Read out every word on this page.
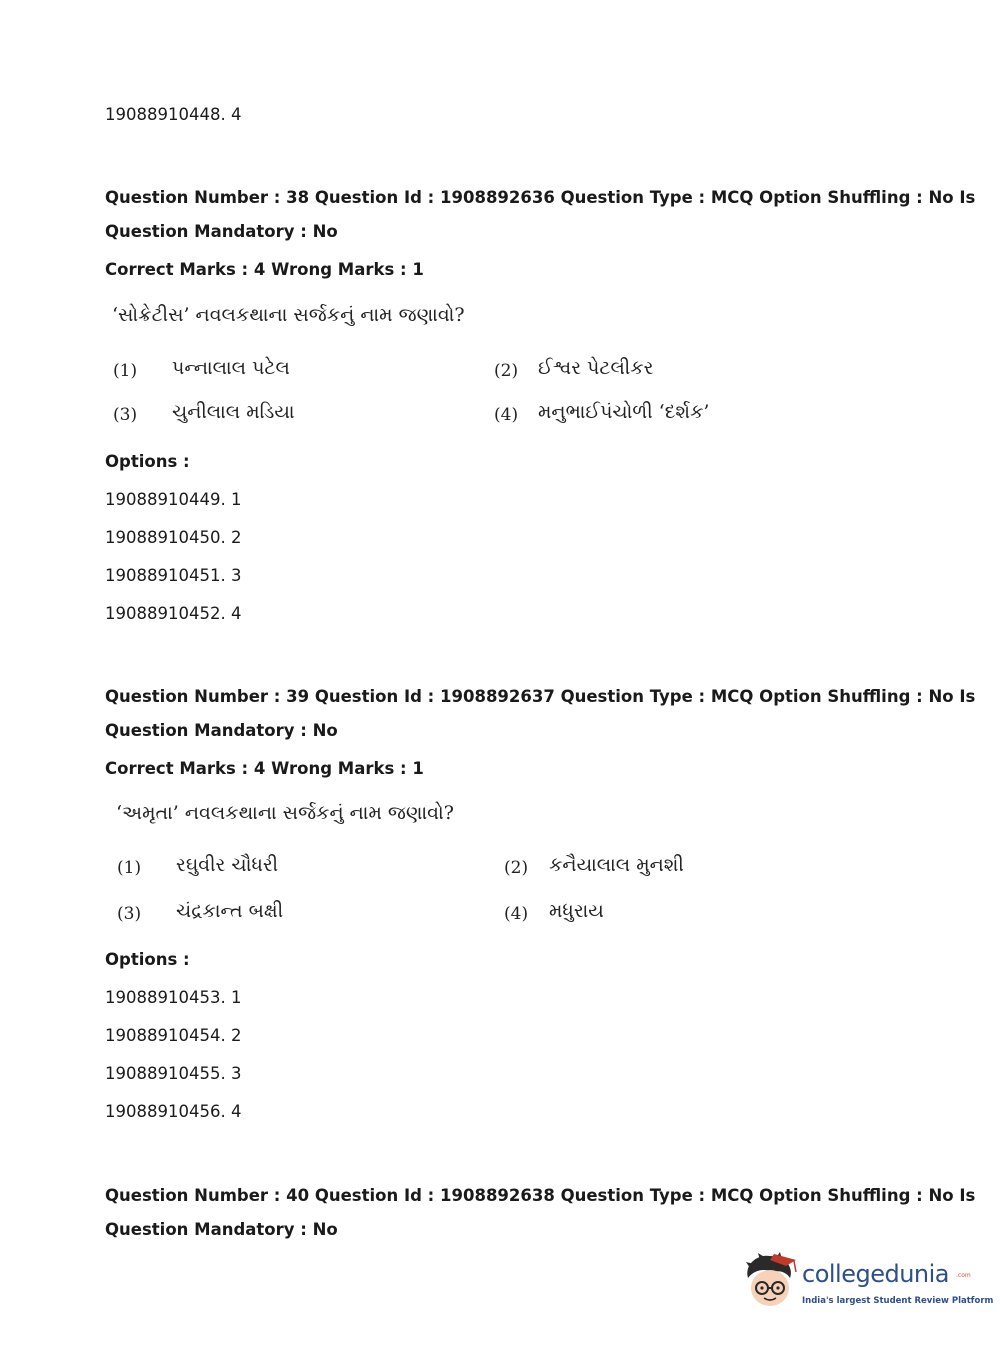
19088910448. 4
Question Number : 38 Question Id : 1908892636 Question Type : MCQ Option Shuffling : No Is
Question Mandatory : No
Correct Marks : 4 Wrong Marks : 1
‘સોક્રેટીસ’ નવલકથાના સર્જકનું નામ જણાવો?
(1) પન્નાલાલ પટેલ	(2) ઈશ્વર પેટલીકર
(3) ચુનીલાલ મડિયા	(4) મનુભાઈપંચોળી ‘દર્શક’
Options :
19088910449. 1
19088910450. 2
19088910451. 3
19088910452. 4
Question Number : 39 Question Id : 1908892637 Question Type : MCQ Option Shuffling : No Is
Question Mandatory : No
Correct Marks : 4 Wrong Marks : 1
‘અમૃતા’ નવલકથાના સર્જકનું નામ જણાવો?
(1) રઘુવીર ચૌધરી	(2) કનૈયાલાલ મુનશી
(3) ચંદ્રકાન્ત બક્ષી	(4) મધુરાય
Options :
19088910453. 1
19088910454. 2
19088910455. 3
19088910456. 4
Question Number : 40 Question Id : 1908892638 Question Type : MCQ Option Shuffling : No Is
Question Mandatory : No
collegedunia .com
India's largest Student Review Platform
